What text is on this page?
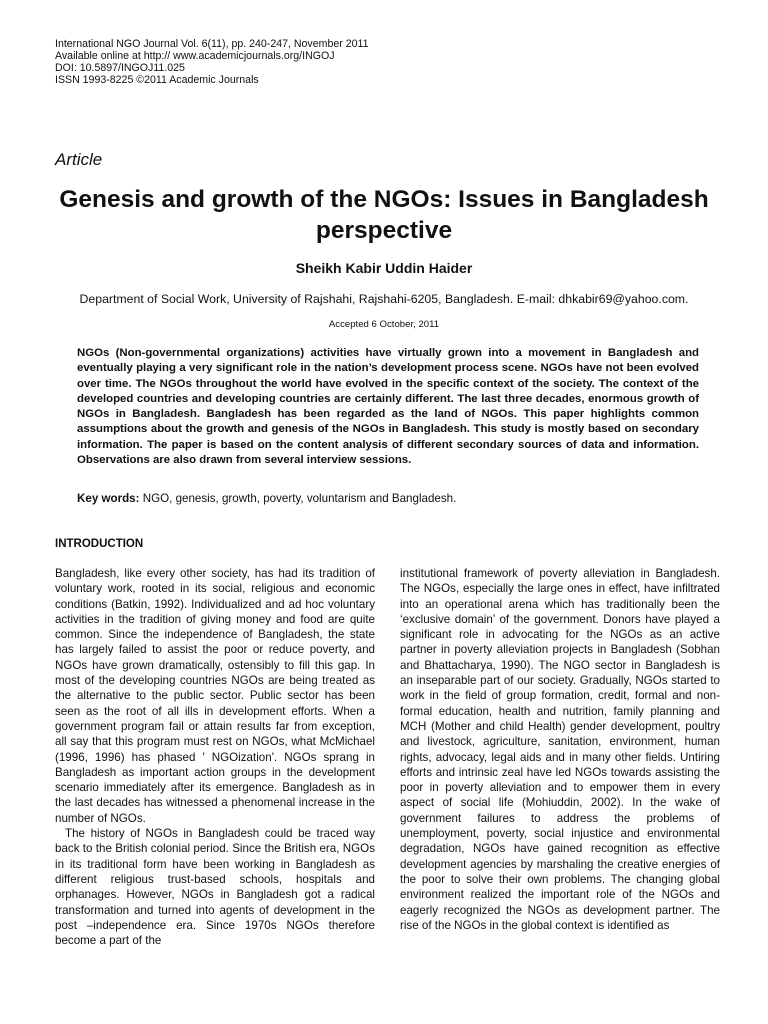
International NGO Journal Vol. 6(11), pp. 240-247, November 2011
Available online at http:// www.academicjournals.org/INGOJ
DOI: 10.5897/INGOJ11.025
ISSN 1993-8225 ©2011 Academic Journals
Article
Genesis and growth of the NGOs: Issues in Bangladesh perspective
Sheikh Kabir Uddin Haider
Department of Social Work, University of Rajshahi, Rajshahi-6205, Bangladesh. E-mail: dhkabir69@yahoo.com.
Accepted 6 October, 2011
NGOs (Non-governmental organizations) activities have virtually grown into a movement in Bangladesh and eventually playing a very significant role in the nation’s development process scene. NGOs have not been evolved over time. The NGOs throughout the world have evolved in the specific context of the society. The context of the developed countries and developing countries are certainly different. The last three decades, enormous growth of NGOs in Bangladesh. Bangladesh has been regarded as the land of NGOs. This paper highlights common assumptions about the growth and genesis of the NGOs in Bangladesh. This study is mostly based on secondary information. The paper is based on the content analysis of different secondary sources of data and information. Observations are also drawn from several interview sessions.
Key words: NGO, genesis, growth, poverty, voluntarism and Bangladesh.
INTRODUCTION

Bangladesh, like every other society, has had its tradition of voluntary work, rooted in its social, religious and economic conditions (Batkin, 1992). Individualized and ad hoc voluntary activities in the tradition of giving money and food are quite common. Since the independence of Bangladesh, the state has largely failed to assist the poor or reduce poverty, and NGOs have grown dramatically, ostensibly to fill this gap. In most of the developing countries NGOs are being treated as the alternative to the public sector. Public sector has been seen as the root of all ills in development efforts. When a government program fail or attain results far from exception, all say that this program must rest on NGOs, what McMichael (1996, 1996) has phased ' NGOization'. NGOs sprang in Bangladesh as important action groups in the development scenario immediately after its emergence. Bangladesh as in the last decades has witnessed a phenomenal increase in the number of NGOs.

The history of NGOs in Bangladesh could be traced way back to the British colonial period. Since the British era, NGOs in its traditional form have been working in Bangladesh as different religious trust-based schools, hospitals and orphanages. However, NGOs in Bangladesh got a radical transformation and turned into agents of development in the post –independence era. Since 1970s NGOs therefore become a part of the

institutional framework of poverty alleviation in Bangladesh. The NGOs, especially the large ones in effect, have infiltrated into an operational arena which has traditionally been the ‘exclusive domain’ of the government. Donors have played a significant role in advocating for the NGOs as an active partner in poverty alleviation projects in Bangladesh (Sobhan and Bhattacharya, 1990). The NGO sector in Bangladesh is an inseparable part of our society. Gradually, NGOs started to work in the field of group formation, credit, formal and non-formal education, health and nutrition, family planning and MCH (Mother and child Health) gender development, poultry and livestock, agriculture, sanitation, environment, human rights, advocacy, legal aids and in many other fields. Untiring efforts and intrinsic zeal have led NGOs towards assisting the poor in poverty alleviation and to empower them in every aspect of social life (Mohiuddin, 2002). In the wake of government failures to address the problems of unemployment, poverty, social injustice and environmental degradation, NGOs have gained recognition as effective development agencies by marshaling the creative energies of the poor to solve their own problems. The changing global environment realized the important role of the NGOs and eagerly recognized the NGOs as development partner. The rise of the NGOs in the global context is identified as
